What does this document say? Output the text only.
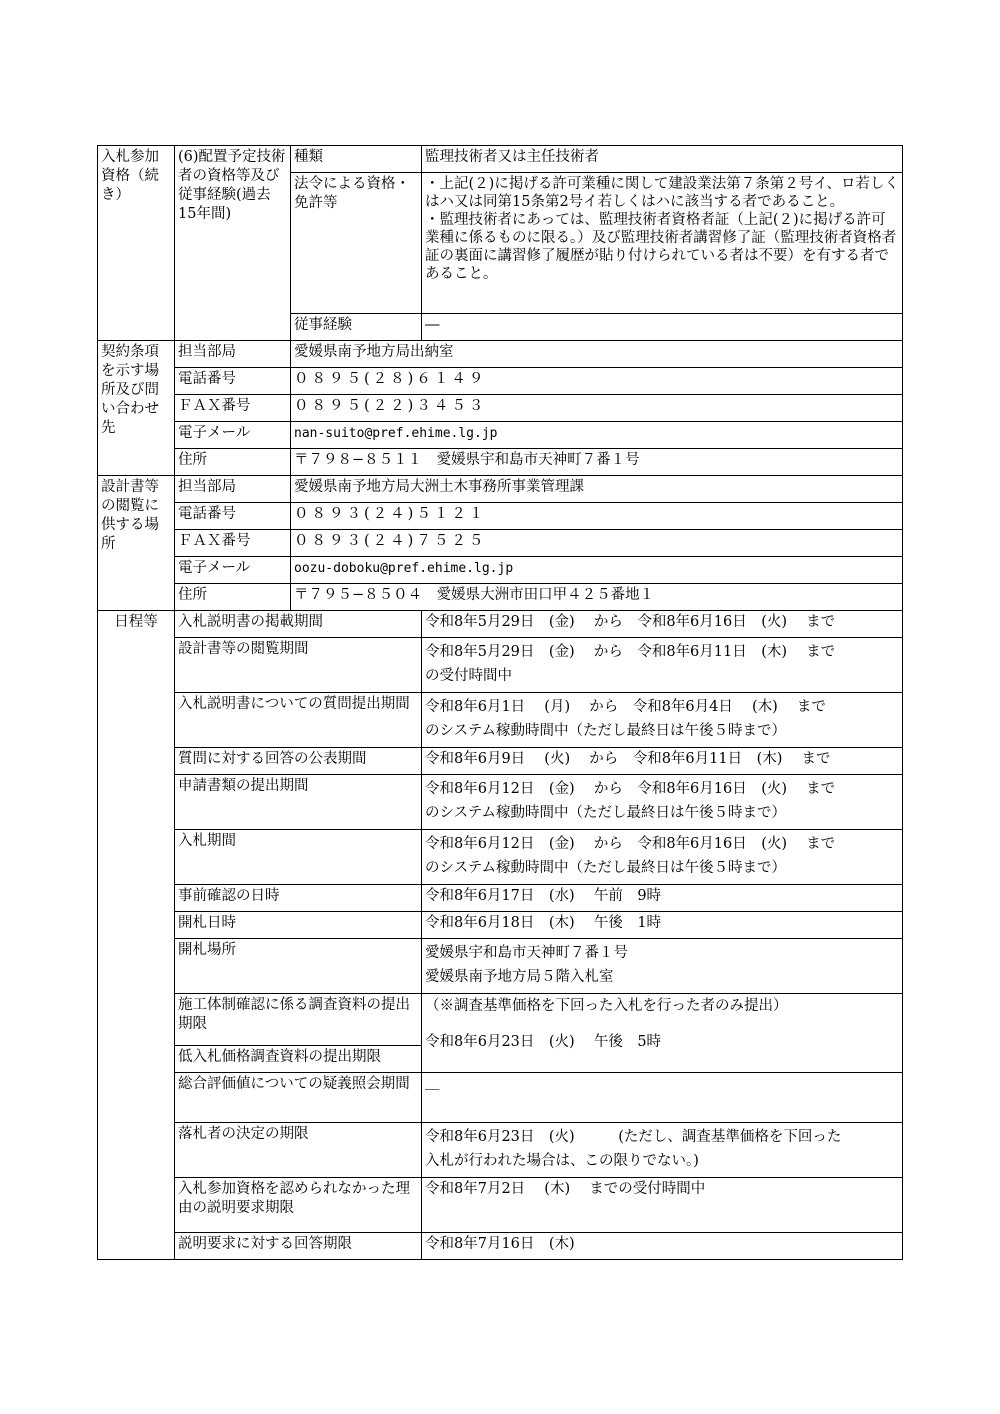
入札参加資格（続き）	(6)配置予定技術者の資格等及び従事経験(過去15年間)	種類	監理技術者又は主任技術者
		法令による資格・免許等	・上記(２)に掲げる許可業種に関して建設業法第７条第２号イ、ロ若しくはハ又は同第15条第2号イ若しくはハに該当する者であること。
・監理技術者にあっては、監理技術者資格者証（上記(２)に掲げる許可業種に係るものに限る。）及び監理技術者講習修了証（監理技術者資格者証の裏面に講習修了履歴が貼り付けられている者は不要）を有する者であること。

		従事経験	―
契約条項を示す場所及び問い合わせ先	担当部局	愛媛県南予地方局出納室	
	電話番号	０８９５(２８)６１４９	
	ＦＡＸ番号	０８９５(２２)３４５３	
	電子メール	nan-suito@pref.ehime.lg.jp	
	住所	〒７９８−８５１１　愛媛県宇和島市天神町７番１号	
設計書等の閲覧に供する場所	担当部局	愛媛県南予地方局大洲土木事務所事業管理課	
	電話番号	０８９３(２４)５１２１	
	ＦＡＸ番号	０８９３(２４)７５２５	
	電子メール	oozu-doboku@pref.ehime.lg.jp	
	住所	〒７９５−８５０４　愛媛県大洲市田口甲４２５番地１	
日程等	入札説明書の掲載期間		令和8年5月29日　(金)　 から　令和8年6月16日　(火)　 まで
	設計書等の閲覧期間		令和8年5月29日　(金)　 から　令和8年6月11日　(木)　 まで
の受付時間中

	入札説明書についての質問提出期間		令和8年6月1日　 (月)　 から　令和8年6月4日　 (木)　 まで
のシステム稼動時間中（ただし最終日は午後５時まで）

	質問に対する回答の公表期間		令和8年6月9日　 (火)　 から　令和8年6月11日　(木)　 まで
	申請書類の提出期間		令和8年6月12日　(金)　 から　令和8年6月16日　(火)　 まで
のシステム稼動時間中（ただし最終日は午後５時まで）

	入札期間		令和8年6月12日　(金)　 から　令和8年6月16日　(火)　 まで
のシステム稼動時間中（ただし最終日は午後５時まで）

	事前確認の日時		令和8年6月17日　(水)　 午前　9時
	開札日時		令和8年6月18日　(木)　 午後　1時
	開札場所		愛媛県宇和島市天神町７番１号
愛媛県南予地方局５階入札室

	施工体制確認に係る調査資料の提出期限		（※調査基準価格を下回った入札を行った者のみ提出）
令和8年6月23日　(火)　 午後　5時

	低入札価格調査資料の提出期限		
	総合評価値についての疑義照会期間		＿
	落札者の決定の期限		令和8年6月23日　(火)　　　(ただし、調査基準価格を下回った
入札が行われた場合は、この限りでない。)

	入札参加資格を認められなかった理由の説明要求期限		令和8年7月2日　 (木)　 までの受付時間中
	説明要求に対する回答期限		令和8年7月16日　(木)
